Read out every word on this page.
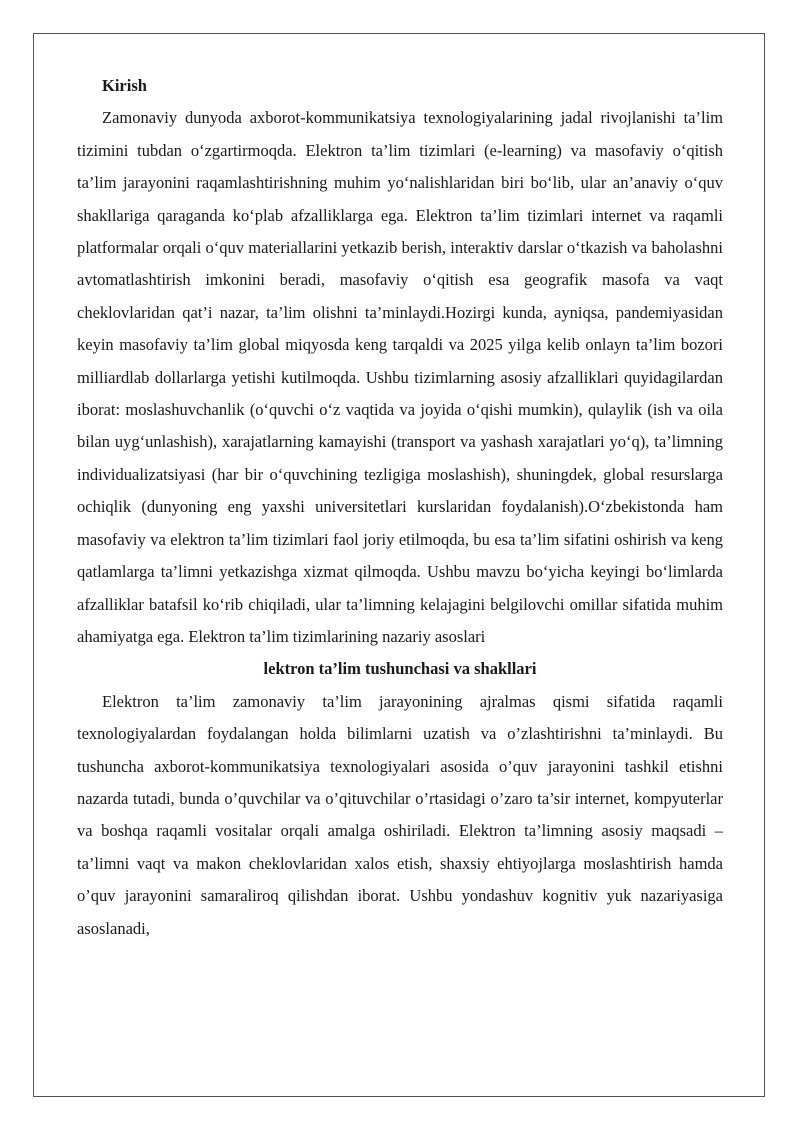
Kirish

Zamonaviy dunyoda axborot-kommunikatsiya texnologiyalarining jadal rivojlanishi ta’lim tizimini tubdan o‘zgartirmoqda. Elektron ta’lim tizimlari (e-learning) va masofaviy o‘qitish ta’lim jarayonini raqamlashtirishning muhim yo‘nalishlaridan biri bo‘lib, ular an’anaviy o‘quv shakllariga qaraganda ko‘plab afzalliklarga ega. Elektron ta’lim tizimlari internet va raqamli platformalar orqali o‘quv materiallarini yetkazib berish, interaktiv darslar o‘tkazish va baholashni avtomatlashtirish imkonini beradi, masofaviy o‘qitish esa geografik masofa va vaqt cheklovlaridan qat’i nazar, ta’lim olishni ta’minlaydi.Hozirgi kunda, ayniqsa, pandemiyasidan keyin masofaviy ta’lim global miqyosda keng tarqaldi va 2025 yilga kelib onlayn ta’lim bozori milliardlab dollarlarga yetishi kutilmoqda. Ushbu tizimlarning asosiy afzalliklari quyidagilardan iborat: moslashuvchanlik (o‘quvchi o‘z vaqtida va joyida o‘qishi mumkin), qulaylik (ish va oila bilan uyg‘unlashish), xarajatlarning kamayishi (transport va yashash xarajatlari yo‘q), ta’limning individualizatsiyasi (har bir o‘quvchining tezligiga moslashish), shuningdek, global resurslarga ochiqlik (dunyoning eng yaxshi universitetlari kurslaridan foydalanish).O‘zbekistonda ham masofaviy va elektron ta’lim tizimlari faol joriy etilmoqda, bu esa ta’lim sifatini oshirish va keng qatlamlarga ta’limni yetkazishga xizmat qilmoqda. Ushbu mavzu bo‘yicha keyingi bo‘limlarda afzalliklar batafsil ko‘rib chiqiladi, ular ta’limning kelajagini belgilovchi omillar sifatida muhim ahamiyatga ega. Elektron ta’lim tizimlarining nazariy asoslari

lektron ta’lim tushunchasi va shakllari

Elektron ta’lim zamonaviy ta’lim jarayonining ajralmas qismi sifatida raqamli texnologiyalardan foydalangan holda bilimlarni uzatish va o’zlashtirishni ta’minlaydi. Bu tushuncha axborot-kommunikatsiya texnologiyalari asosida o’quv jarayonini tashkil etishni nazarda tutadi, bunda o’quvchilar va o’qituvchilar o’rtasidagi o’zaro ta’sir internet, kompyuterlar va boshqa raqamli vositalar orqali amalga oshiriladi. Elektron ta’limning asosiy maqsadi – ta’limni vaqt va makon cheklovlaridan xalos etish, shaxsiy ehtiyojlarga moslashtirish hamda o’quv jarayonini samaraliroq qilishdan iborat. Ushbu yondashuv kognitiv yuk nazariyasiga asoslanadi,
